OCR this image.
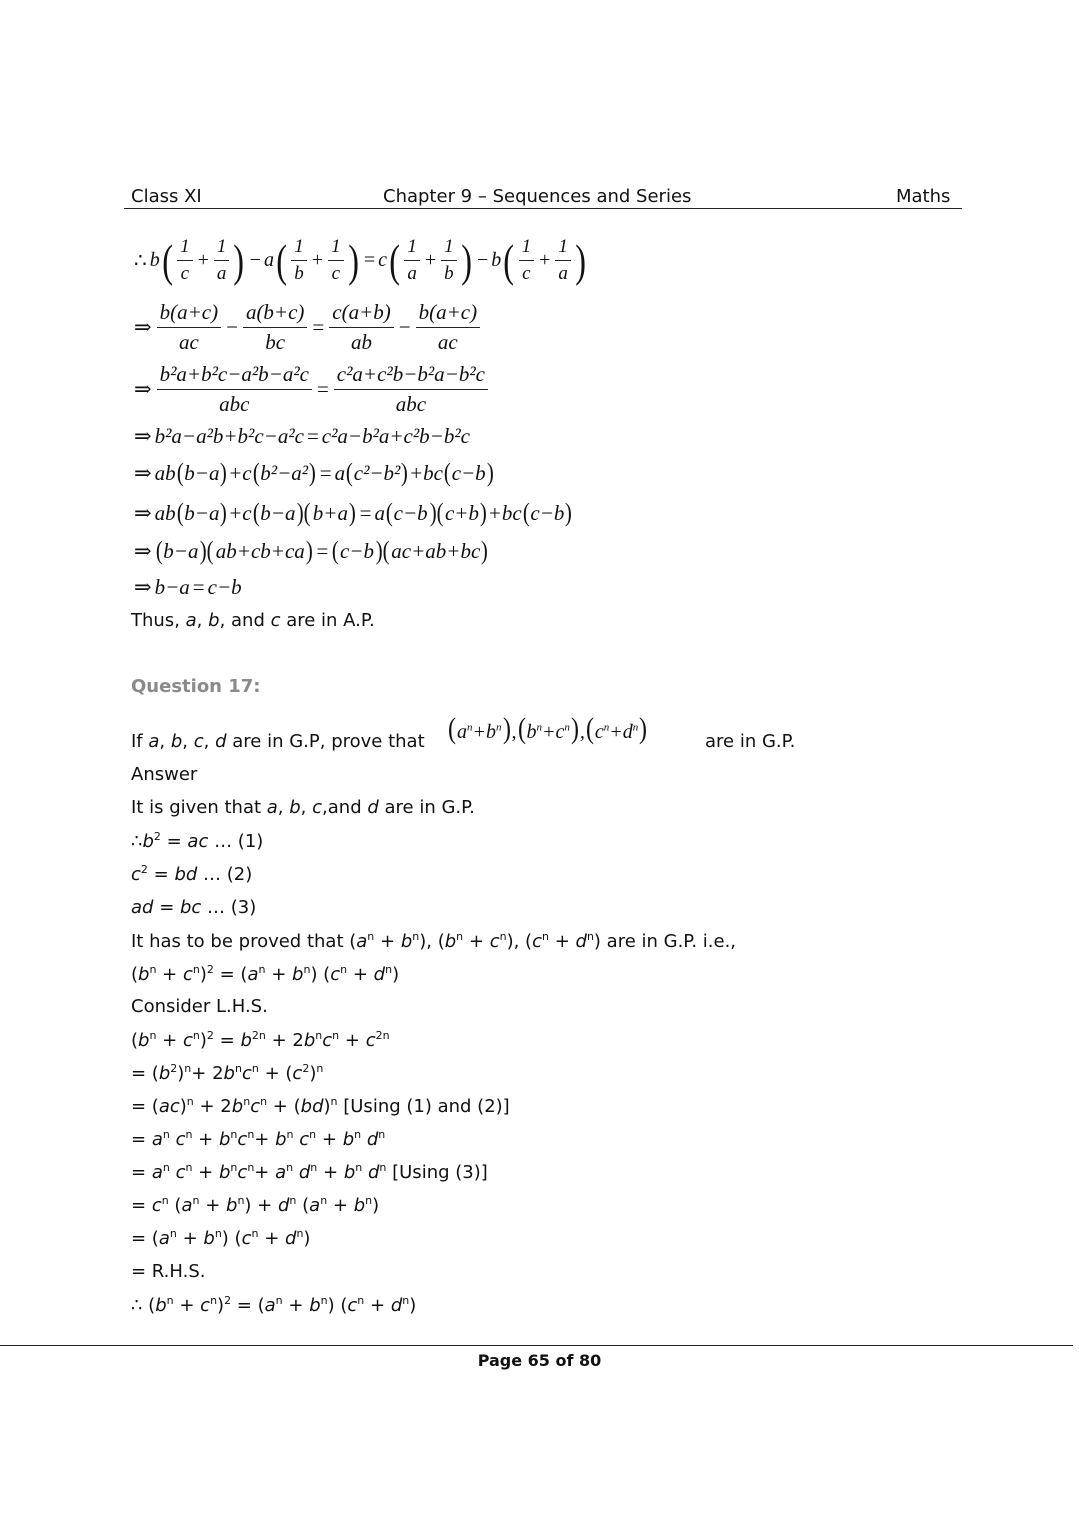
Class XI	Chapter 9 – Sequences and Series	Maths
∴ b ( $\frac{1}{c} + \frac{1}{a}$ ) − a ( $\frac{1}{b} + \frac{1}{c}$ ) = c ( $\frac{1}{a} + \frac{1}{b}$ ) − b ( $\frac{1}{c} + \frac{1}{a}$ )
⇒ $\frac{b(a+c)}{ac} - \frac{a(b+c)}{bc} = \frac{c(a+b)}{ab} - \frac{b(a+c)}{ac}$
⇒ $\frac{\text{b²a+b²c−a²b−a²c}}{\text{abc}} = \frac{\text{c²a+c²b−b²a−b²c}}{\text{abc}}$
⇒ b²a−a²b+b²c−a²c = c²a−b²a+c²b−b²c
⇒ ab ( b−a ) +c ( b²−a² ) = a ( c²−b² ) +bc ( c−b )
⇒ ab ( b−a ) +c ( b−a )( b+a ) = a ( c−b )( c+b ) +bc ( c−b )
⇒ ( b−a )( ab+cb+ca ) = ( c−b )( ac+ab+bc )
⇒ b−a = c−b
Thus, a, b, and c are in A.P.
Question 17:
If a, b, c, d are in G.P, prove that $(a^n+b^n),(b^n+c^n),(c^n+d^n)$	are in G.P.
Answer
It is given that a, b, c,and d are in G.P.
$\therefore b^2$ = ac … (1)
$c^2$ = bd … (2)
ad = bc … (3)
It has to be proved that $(a^n + b^n)$, $(b^n + c^n)$, $(c^n + d^n)$ are in G.P. i.e.,
$(b^n + c^n)^2 = (a^n + b^n) (c^n + d^n)$
Consider L.H.S.
$(b^n + c^n)^2 = b^{2n} + 2b^nc^n + c^{2n}$
= $(b^2)^n+ 2b^nc^n + (c^2)^n$
= $(ac)^n + 2b^nc^n + (bd)^n$ [Using (1) and (2)]
= $a^n$ $c^n + b^nc^n+ b^n$ $c^n + b^n$ $d^n$
= $a^n$ $c^n + b^nc^n+ a^n$ $d^n + b^n$ $d^n$ [Using (3)]
= $c^n$ $(a^n + b^n) + d^n$ $(a^n + b^n)$
= $(a^n + b^n) (c^n + d^n)$
= R.H.S.
∴ $(b^n + c^n)^2 = (a^n + b^n) (c^n + d^n)$
Page 65 of 80
